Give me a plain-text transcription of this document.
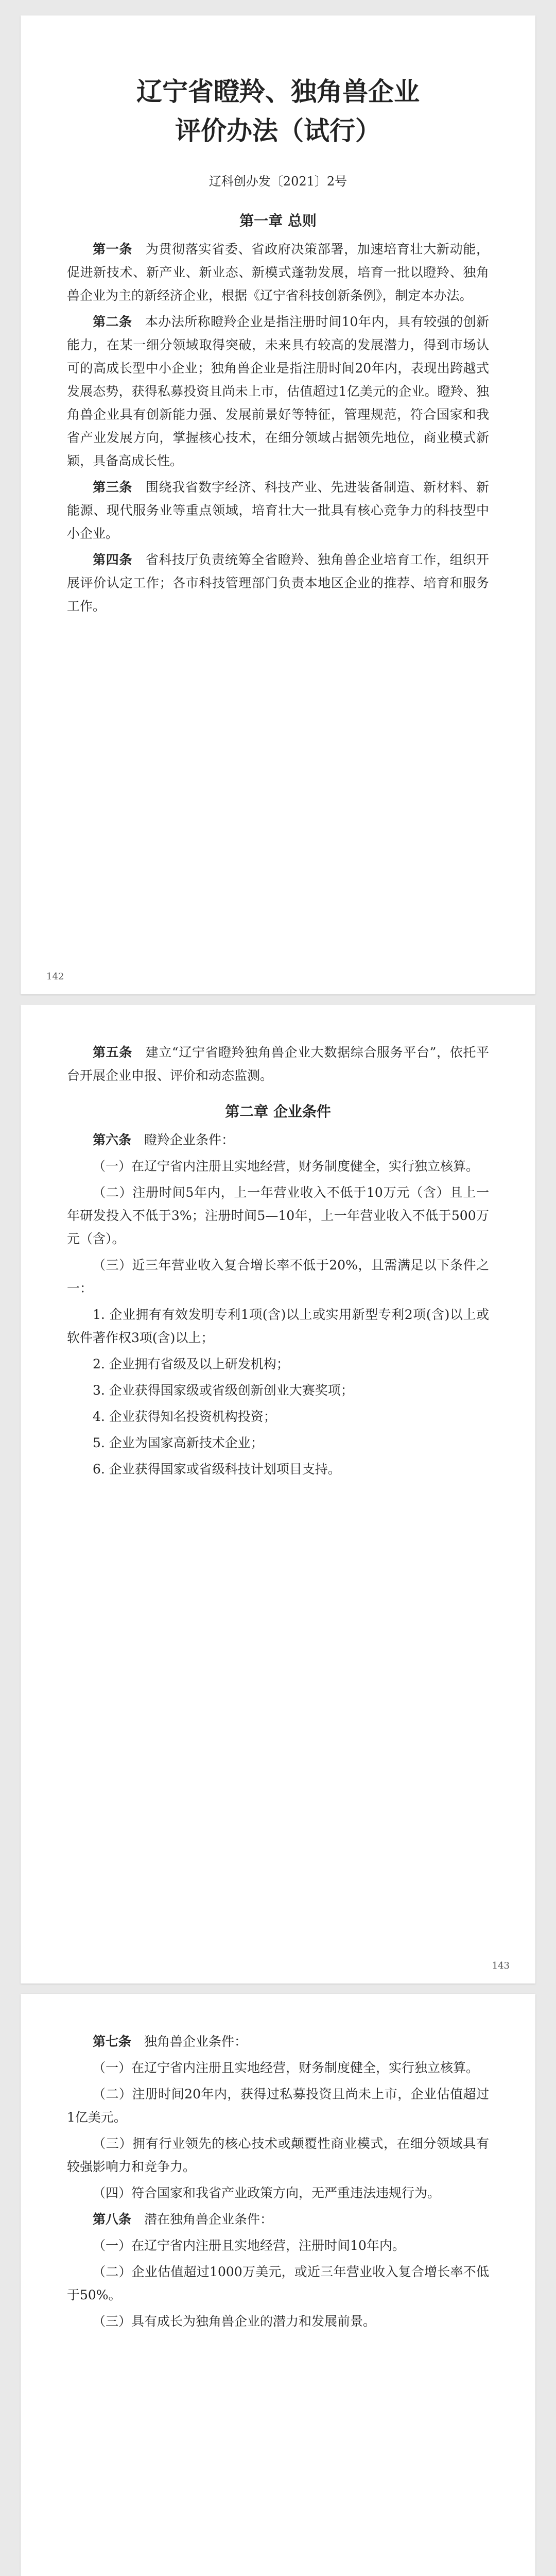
辽宁省瞪羚、独角兽企业
评价办法（试行）
辽科创办发〔2021〕2号
第一章 总则
第一条  为贯彻落实省委、省政府决策部署，加速培育壮大新动能，促进新技术、新产业、新业态、新模式蓬勃发展，培育一批以瞪羚、独角兽企业为主的新经济企业，根据《辽宁省科技创新条例》，制定本办法。
第二条  本办法所称瞪羚企业是指注册时间10年内，具有较强的创新能力，在某一细分领域取得突破，未来具有较高的发展潜力，得到市场认可的高成长型中小企业；独角兽企业是指注册时间20年内，表现出跨越式发展态势，获得私募投资且尚未上市，估值超过1亿美元的企业。瞪羚、独角兽企业具有创新能力强、发展前景好等特征，管理规范，符合国家和我省产业发展方向，掌握核心技术，在细分领域占据领先地位，商业模式新颖，具备高成长性。
第三条  围绕我省数字经济、科技产业、先进装备制造、新材料、新能源、现代服务业等重点领域，培育壮大一批具有核心竞争力的科技型中小企业。
第四条  省科技厅负责统筹全省瞪羚、独角兽企业培育工作，组织开展评价认定工作；各市科技管理部门负责本地区企业的推荐、培育和服务工作。
142
第五条  建立“辽宁省瞪羚独角兽企业大数据综合服务平台”，依托平台开展企业申报、评价和动态监测。
第二章 企业条件
第六条  瞪羚企业条件：
（一）在辽宁省内注册且实地经营，财务制度健全，实行独立核算。
（二）注册时间5年内，上一年营业收入不低于10万元（含）且上一年研发投入不低于3%；注册时间5—10年，上一年营业收入不低于500万元（含）。
（三）近三年营业收入复合增长率不低于20%，且需满足以下条件之一：
1. 企业拥有有效发明专利1项(含)以上或实用新型专利2项(含)以上或软件著作权3项(含)以上；
2. 企业拥有省级及以上研发机构；
3. 企业获得国家级或省级创新创业大赛奖项；
4. 企业获得知名投资机构投资；
5. 企业为国家高新技术企业；
6. 企业获得国家或省级科技计划项目支持。
143
第七条  独角兽企业条件：
（一）在辽宁省内注册且实地经营，财务制度健全，实行独立核算。
（二）注册时间20年内，获得过私募投资且尚未上市，企业估值超过1亿美元。
（三）拥有行业领先的核心技术或颠覆性商业模式，在细分领域具有较强影响力和竞争力。
（四）符合国家和我省产业政策方向，无严重违法违规行为。
第八条  潜在独角兽企业条件：
（一）在辽宁省内注册且实地经营，注册时间10年内。
（二）企业估值超过1000万美元，或近三年营业收入复合增长率不低于50%。
（三）具有成长为独角兽企业的潜力和发展前景。
